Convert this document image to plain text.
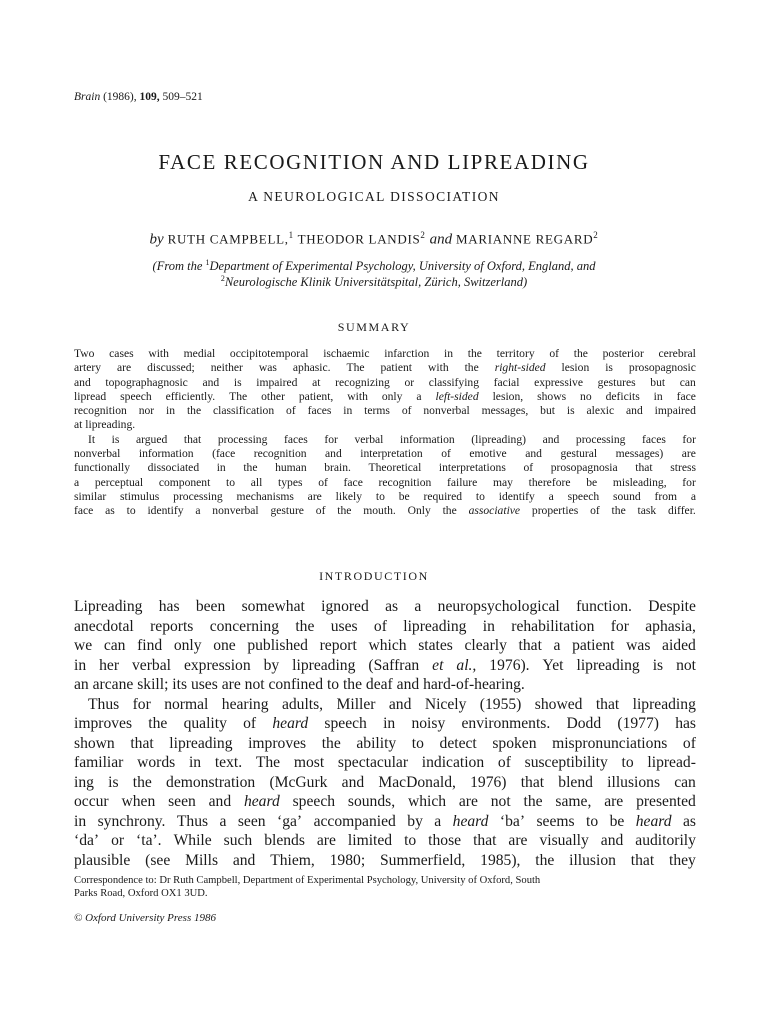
Brain (1986), 109, 509–521
FACE RECOGNITION AND LIPREADING
A NEUROLOGICAL DISSOCIATION
by RUTH CAMPBELL,$^1$ THEODOR LANDIS$^2$ and MARIANNE REGARD$^2$
(From the $^1$Department of Experimental Psychology, University of Oxford, England, and
$^2$Neurologische Klinik Universitätspital, Zürich, Switzerland)
SUMMARY
Two cases with medial occipitotemporal ischaemic infarction in the territory of the posterior cerebral
artery are discussed; neither was aphasic. The patient with the right-sided lesion is prosopagnosic
and topographagnosic and is impaired at recognizing or classifying facial expressive gestures but can
lipread speech efficiently. The other patient, with only a left-sided lesion, shows no deficits in face
recognition nor in the classification of faces in terms of nonverbal messages, but is alexic and impaired
at lipreading.
It is argued that processing faces for verbal information (lipreading) and processing faces for
nonverbal information (face recognition and interpretation of emotive and gestural messages) are
functionally dissociated in the human brain. Theoretical interpretations of prosopagnosia that stress
a perceptual component to all types of face recognition failure may therefore be misleading, for
similar stimulus processing mechanisms are likely to be required to identify a speech sound from a
face as to identify a nonverbal gesture of the mouth. Only the associative properties of the task differ.
INTRODUCTION
Lipreading has been somewhat ignored as a neuropsychological function. Despite
anecdotal reports concerning the uses of lipreading in rehabilitation for aphasia,
we can find only one published report which states clearly that a patient was aided
in her verbal expression by lipreading (Saffran et al., 1976). Yet lipreading is not
an arcane skill; its uses are not confined to the deaf and hard-of-hearing.
Thus for normal hearing adults, Miller and Nicely (1955) showed that lipreading
improves the quality of heard speech in noisy environments. Dodd (1977) has
shown that lipreading improves the ability to detect spoken mispronunciations of
familiar words in text. The most spectacular indication of susceptibility to lipread-
ing is the demonstration (McGurk and MacDonald, 1976) that blend illusions can
occur when seen and heard speech sounds, which are not the same, are presented
in synchrony. Thus a seen ‘ga’ accompanied by a heard ‘ba’ seems to be heard as
‘da’ or ‘ta’. While such blends are limited to those that are visually and auditorily
plausible (see Mills and Thiem, 1980; Summerfield, 1985), the illusion that they
Correspondence to: Dr Ruth Campbell, Department of Experimental Psychology, University of Oxford, South
Parks Road, Oxford OX1 3UD.
© Oxford University Press 1986
